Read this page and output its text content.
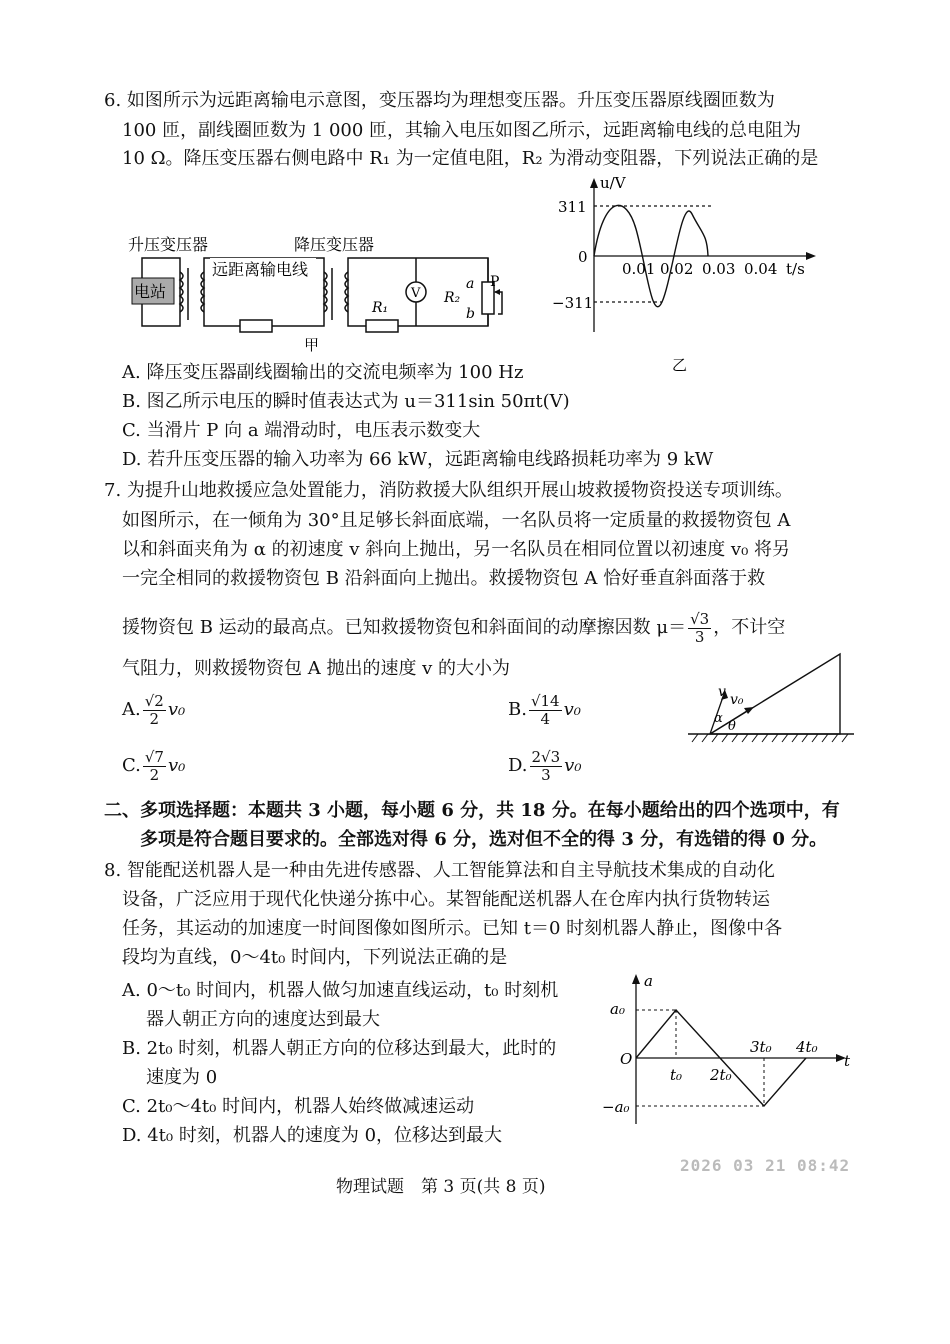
6. 如图所示为远距离输电示意图，变压器均为理想变压器。升压变压器原线圈匝数为
100 匝，副线圈匝数为 1 000 匝，其输入电压如图乙所示，远距离输电线的总电阻为
10 Ω。降压变压器右侧电路中 R₁ 为一定值电阻，R₂ 为滑动变阻器，下列说法正确的是
电站
远距离输电线
R₁
V R₂
a
b
P
升压变压器	降压变压器
甲
u/V
t/s
311
0
−311
0.01 0.02 0.03 0.04
乙
A. 降压变压器副线圈输出的交流电频率为 100 Hz
B. 图乙所示电压的瞬时值表达式为 u＝311sin 50πt(V)
C. 当滑片 P 向 a 端滑动时，电压表示数变大
D. 若升压变压器的输入功率为 66 kW，远距离输电线路损耗功率为 9 kW
7. 为提升山地救援应急处置能力，消防救援大队组织开展山坡救援物资投送专项训练。
如图所示，在一倾角为 30°且足够长斜面底端，一名队员将一定质量的救援物资包 A
以和斜面夹角为 α 的初速度 v 斜向上抛出，另一名队员在相同位置以初速度 v₀ 将另
一完全相同的救援物资包 B 沿斜面向上抛出。救援物资包 A 恰好垂直斜面落于救
援物资包 B 运动的最高点。已知救援物资包和斜面间的动摩擦因数 $\mu= \frac{√3}{3}$ ，不计空
气阻力，则救援物资包 A 抛出的速度 v 的大小为
A. $\frac{√2}{2} v_0$	B. $\frac{√14}{4} v_0$
C. $\frac{√7}{2} v_0$	D. $\frac{2√3}{3} v_0$
v v₀
α
θ
二、多项选择题：本题共 3 小题，每小题 6 分，共 18 分。在每小题给出的四个选项中，有
多项是符合题目要求的。全部选对得 6 分，选对但不全的得 3 分，有选错的得 0 分。
8. 智能配送机器人是一种由先进传感器、人工智能算法和自主导航技术集成的自动化
设备，广泛应用于现代化快递分拣中心。某智能配送机器人在仓库内执行货物转运
任务，其运动的加速度一时间图像如图所示。已知 t＝0 时刻机器人静止，图像中各
段均为直线，0～4t₀ 时间内，下列说法正确的是
A. 0～t₀ 时间内，机器人做匀加速直线运动，t₀ 时刻机
器人朝正方向的速度达到最大
B. 2t₀ 时刻，机器人朝正方向的位移达到最大，此时的
速度为 0
C. 2t₀～4t₀ 时间内，机器人始终做减速运动
D. 4t₀ 时刻，机器人的速度为 0，位移达到最大
a
t
O
a₀
−a₀
t₀ 2t₀
3t₀ 4t₀
物理试题　第 3 页(共 8 页)
2026 03 21 08:42
